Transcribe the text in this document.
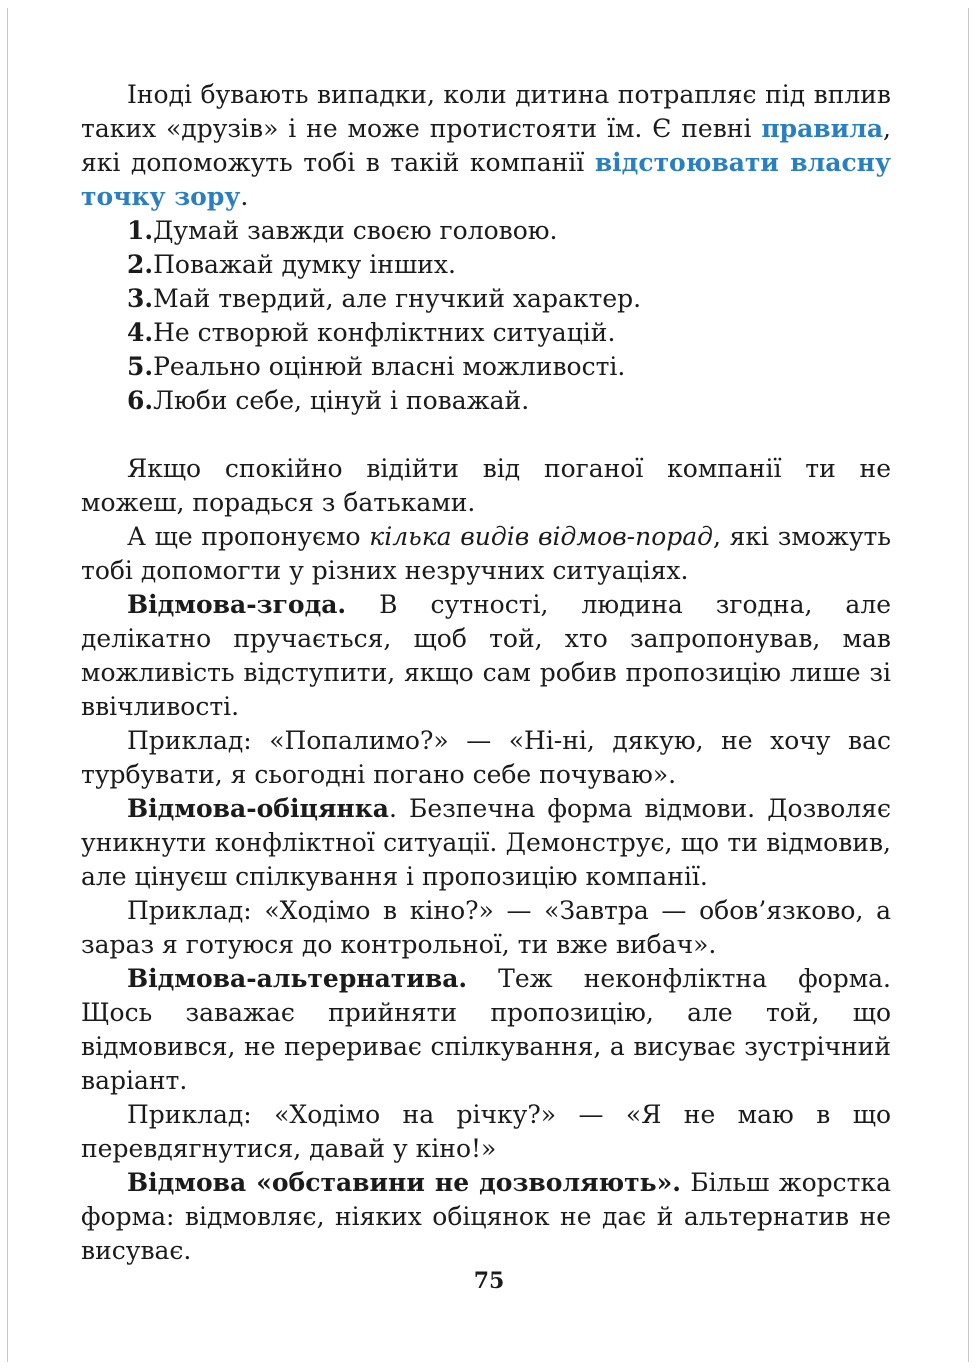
Іноді бувають випадки, коли дитина потрапляє під вплив таких «друзів» і не може протистояти їм. Є певні правила, які допоможуть тобі в такій компанії відстоювати власну точку зору.

1.Думай завжди своєю головою.
2.Поважай думку інших.
3.Май твердий, але гнучкий характер.
4.Не створюй конфліктних ситуацій.
5.Реально оцінюй власні можливості.
6.Люби себе, цінуй і поважай.

Якщо спокійно відійти від поганої компанії ти не можеш, порадься з батьками.

А ще пропонуємо кілька видів відмов-порад, які зможуть тобі допомогти у різних незручних ситуаціях.

Відмова-згода. В сутності, людина згодна, але делікатно пручається, щоб той, хто запропонував, мав можливість відступити, якщо сам робив пропозицію лише зі ввічливості.

Приклад: «Попалимо?» — «Ні-ні, дякую, не хочу вас турбувати, я сьогодні погано себе почуваю».

Відмова-обіцянка. Безпечна форма відмови. Дозволяє уникнути конфліктної ситуації. Демонструє, що ти відмовив, але цінуєш спілкування і пропозицію компанії.

Приклад: «Ходімо в кіно?» — «Завтра — обов’язково, а зараз я готуюся до контрольної, ти вже вибач».

Відмова-альтернатива. Теж неконфліктна форма. Щось заважає прийняти пропозицію, але той, що відмовився, не перериває спілкування, а висуває зустрічний варіант.

Приклад: «Ходімо на річку?» — «Я не маю в що перевдягнутися, давай у кіно!»

Відмова «обставини не дозволяють». Більш жорстка форма: відмовляє, ніяких обіцянок не дає й альтернатив не висуває.

75
